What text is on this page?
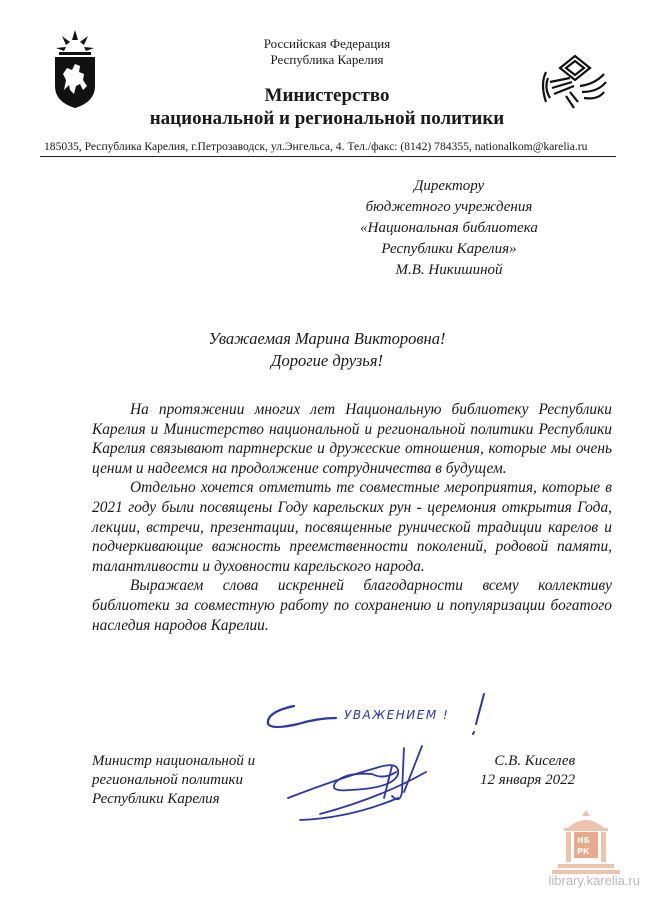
Российская Федерация
Республика Карелия
Министерство
национальной и региональной политики
185035, Республика Карелия, г.Петрозаводск, ул.Энгельса, 4. Тел./факс: (8142) 784355, nationalkom@karelia.ru
Директору
бюджетного учреждения
«Национальная библиотека
Республики Карелия»
М.В. Никишиной
Уважаемая Марина Викторовна!
Дорогие друзья!

На протяжении многих лет Национальную библиотеку Республики Карелия и Министерство национальной и региональной политики Республики Карелия связывают партнерские и дружеские отношения, которые мы очень ценим и надеемся на продолжение сотрудничества в будущем.

Отдельно хочется отметить те совместные мероприятия, которые в 2021 году были посвящены Году карельских рун - церемония открытия Года, лекции, встречи, презентации, посвященные рунической традиции карелов и подчеркивающие важность преемственности поколений, родовой памяти, талантливости и духовности карельского народа.

Выражаем слова искренней благодарности всему коллективу библиотеки за совместную работу по сохранению и популяризации богатого наследия народов Карелии.

УВАЖЕНИЕМ !
Министр национальной и
региональной политики
Республики Карелия
С.В. Киселев
12 января 2022
НБ
РК
library.karelia.ru
